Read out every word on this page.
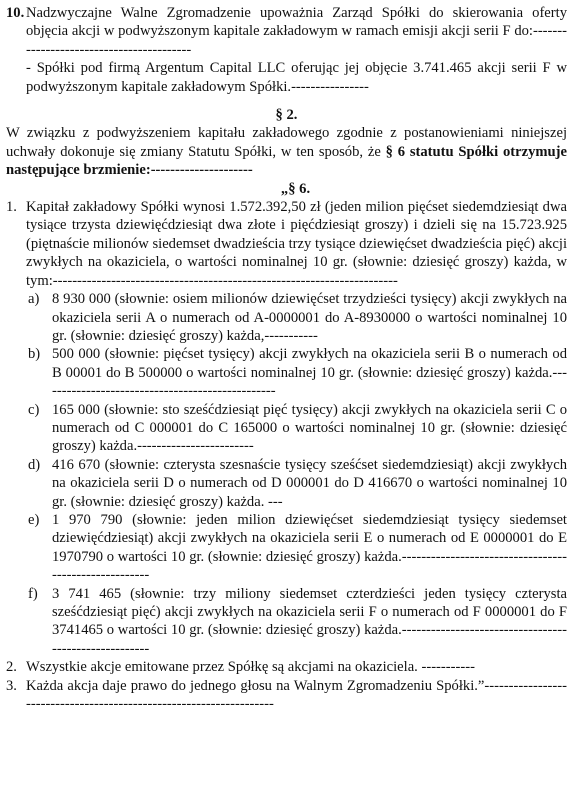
10. Nadzwyczajne Walne Zgromadzenie upoważnia Zarząd Spółki do skierowania oferty objęcia akcji w podwyższonym kapitale zakładowym w ramach emisji akcji serii F do:-----------------------------------------

- Spółki pod firmą Argentum Capital LLC oferując jej objęcie 3.741.465 akcji serii F w podwyższonym kapitale zakładowym Spółki.----------------

§ 2.

W związku z podwyższeniem kapitału zakładowego zgodnie z postanowieniami niniejszej uchwały dokonuje się zmiany Statutu Spółki, w ten sposób, że § 6 statutu Spółki otrzymuje następujące brzmienie:---------------------

„§ 6.
1. Kapitał zakładowy Spółki wynosi 1.572.392,50 zł (jeden milion pięćset siedemdziesiąt dwa tysiące trzysta dziewięćdziesiąt dwa złote i pięćdziesiąt groszy) i dzieli się na 15.723.925 (piętnaście milionów siedemset dwadzieścia trzy tysiące dziewięćset dwadzieścia pięć) akcji zwykłych na okaziciela, o wartości nominalnej 10 gr. (słownie: dziesięć groszy) każda, w tym:-----------------------------------------------------------------------
a) 8 930 000 (słownie: osiem milionów dziewięćset trzydzieści tysięcy) akcji zwykłych na okaziciela serii A o numerach od A-0000001 do A-8930000 o wartości nominalnej 10 gr. (słownie: dziesięć groszy) każda,-----------
b) 500 000 (słownie: pięćset tysięcy) akcji zwykłych na okaziciela serii B o numerach od B 00001 do B 500000 o wartości nominalnej 10 gr. (słownie: dziesięć groszy) każda.-------------------------------------------------
c) 165 000 (słownie: sto sześćdziesiąt pięć tysięcy) akcji zwykłych na okaziciela serii C o numerach od C 000001 do C 165000 o wartości nominalnej 10 gr. (słownie: dziesięć groszy) każda.------------------------
d) 416 670 (słownie: czterysta szesnaście tysięcy sześćset siedemdziesiąt) akcji zwykłych na okaziciela serii D o numerach od D 000001 do D 416670 o wartości nominalnej 10 gr. (słownie: dziesięć groszy) każda. ---
e) 1 970 790 (słownie: jeden milion dziewięćset siedemdziesiąt tysięcy siedemset dziewięćdziesiąt) akcji zwykłych na okaziciela serii E o numerach od E 0000001 do E 1970790 o wartości 10 gr. (słownie: dziesięć groszy) każda.------------------------------------------------------
f) 3 741 465 (słownie: trzy miliony siedemset czterdzieści jeden tysięcy czterysta sześćdziesiąt pięć) akcji zwykłych na okaziciela serii F o numerach od F 0000001 do F 3741465 o wartości 10 gr. (słownie: dziesięć groszy) każda.------------------------------------------------------
2. Wszystkie akcje emitowane przez Spółkę są akcjami na okaziciela. -----------
3. Każda akcja daje prawo do jednego głosu na Walnym Zgromadzeniu Spółki.”--------------------------------------------------------------------
